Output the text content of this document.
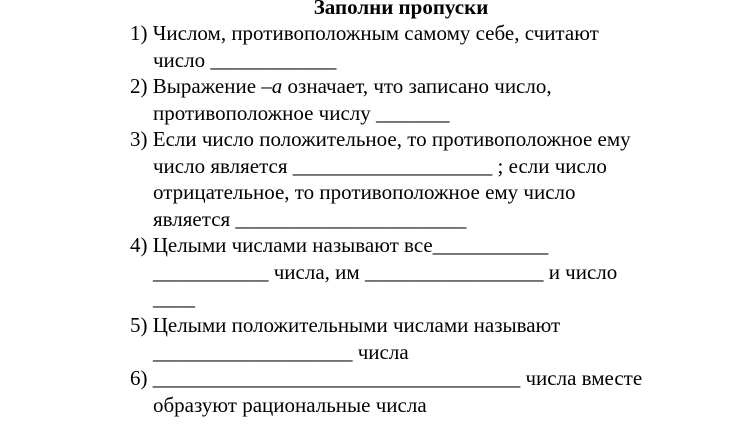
Заполни пропуски
1) Числом, противоположным самому себе, считают
число ____________
2) Выражение –а означает, что записано число,
противоположное числу _______
3) Если число положительное, то противоположное ему
число является ___________________ ; если число
отрицательное, то противоположное ему число
является ______________________
4) Целыми числами называют все___________
___________ числа, им _________________ и число
____
5) Целыми положительными числами называют
___________________ числа
6) ___________________________________ числа вместе
образуют рациональные числа
